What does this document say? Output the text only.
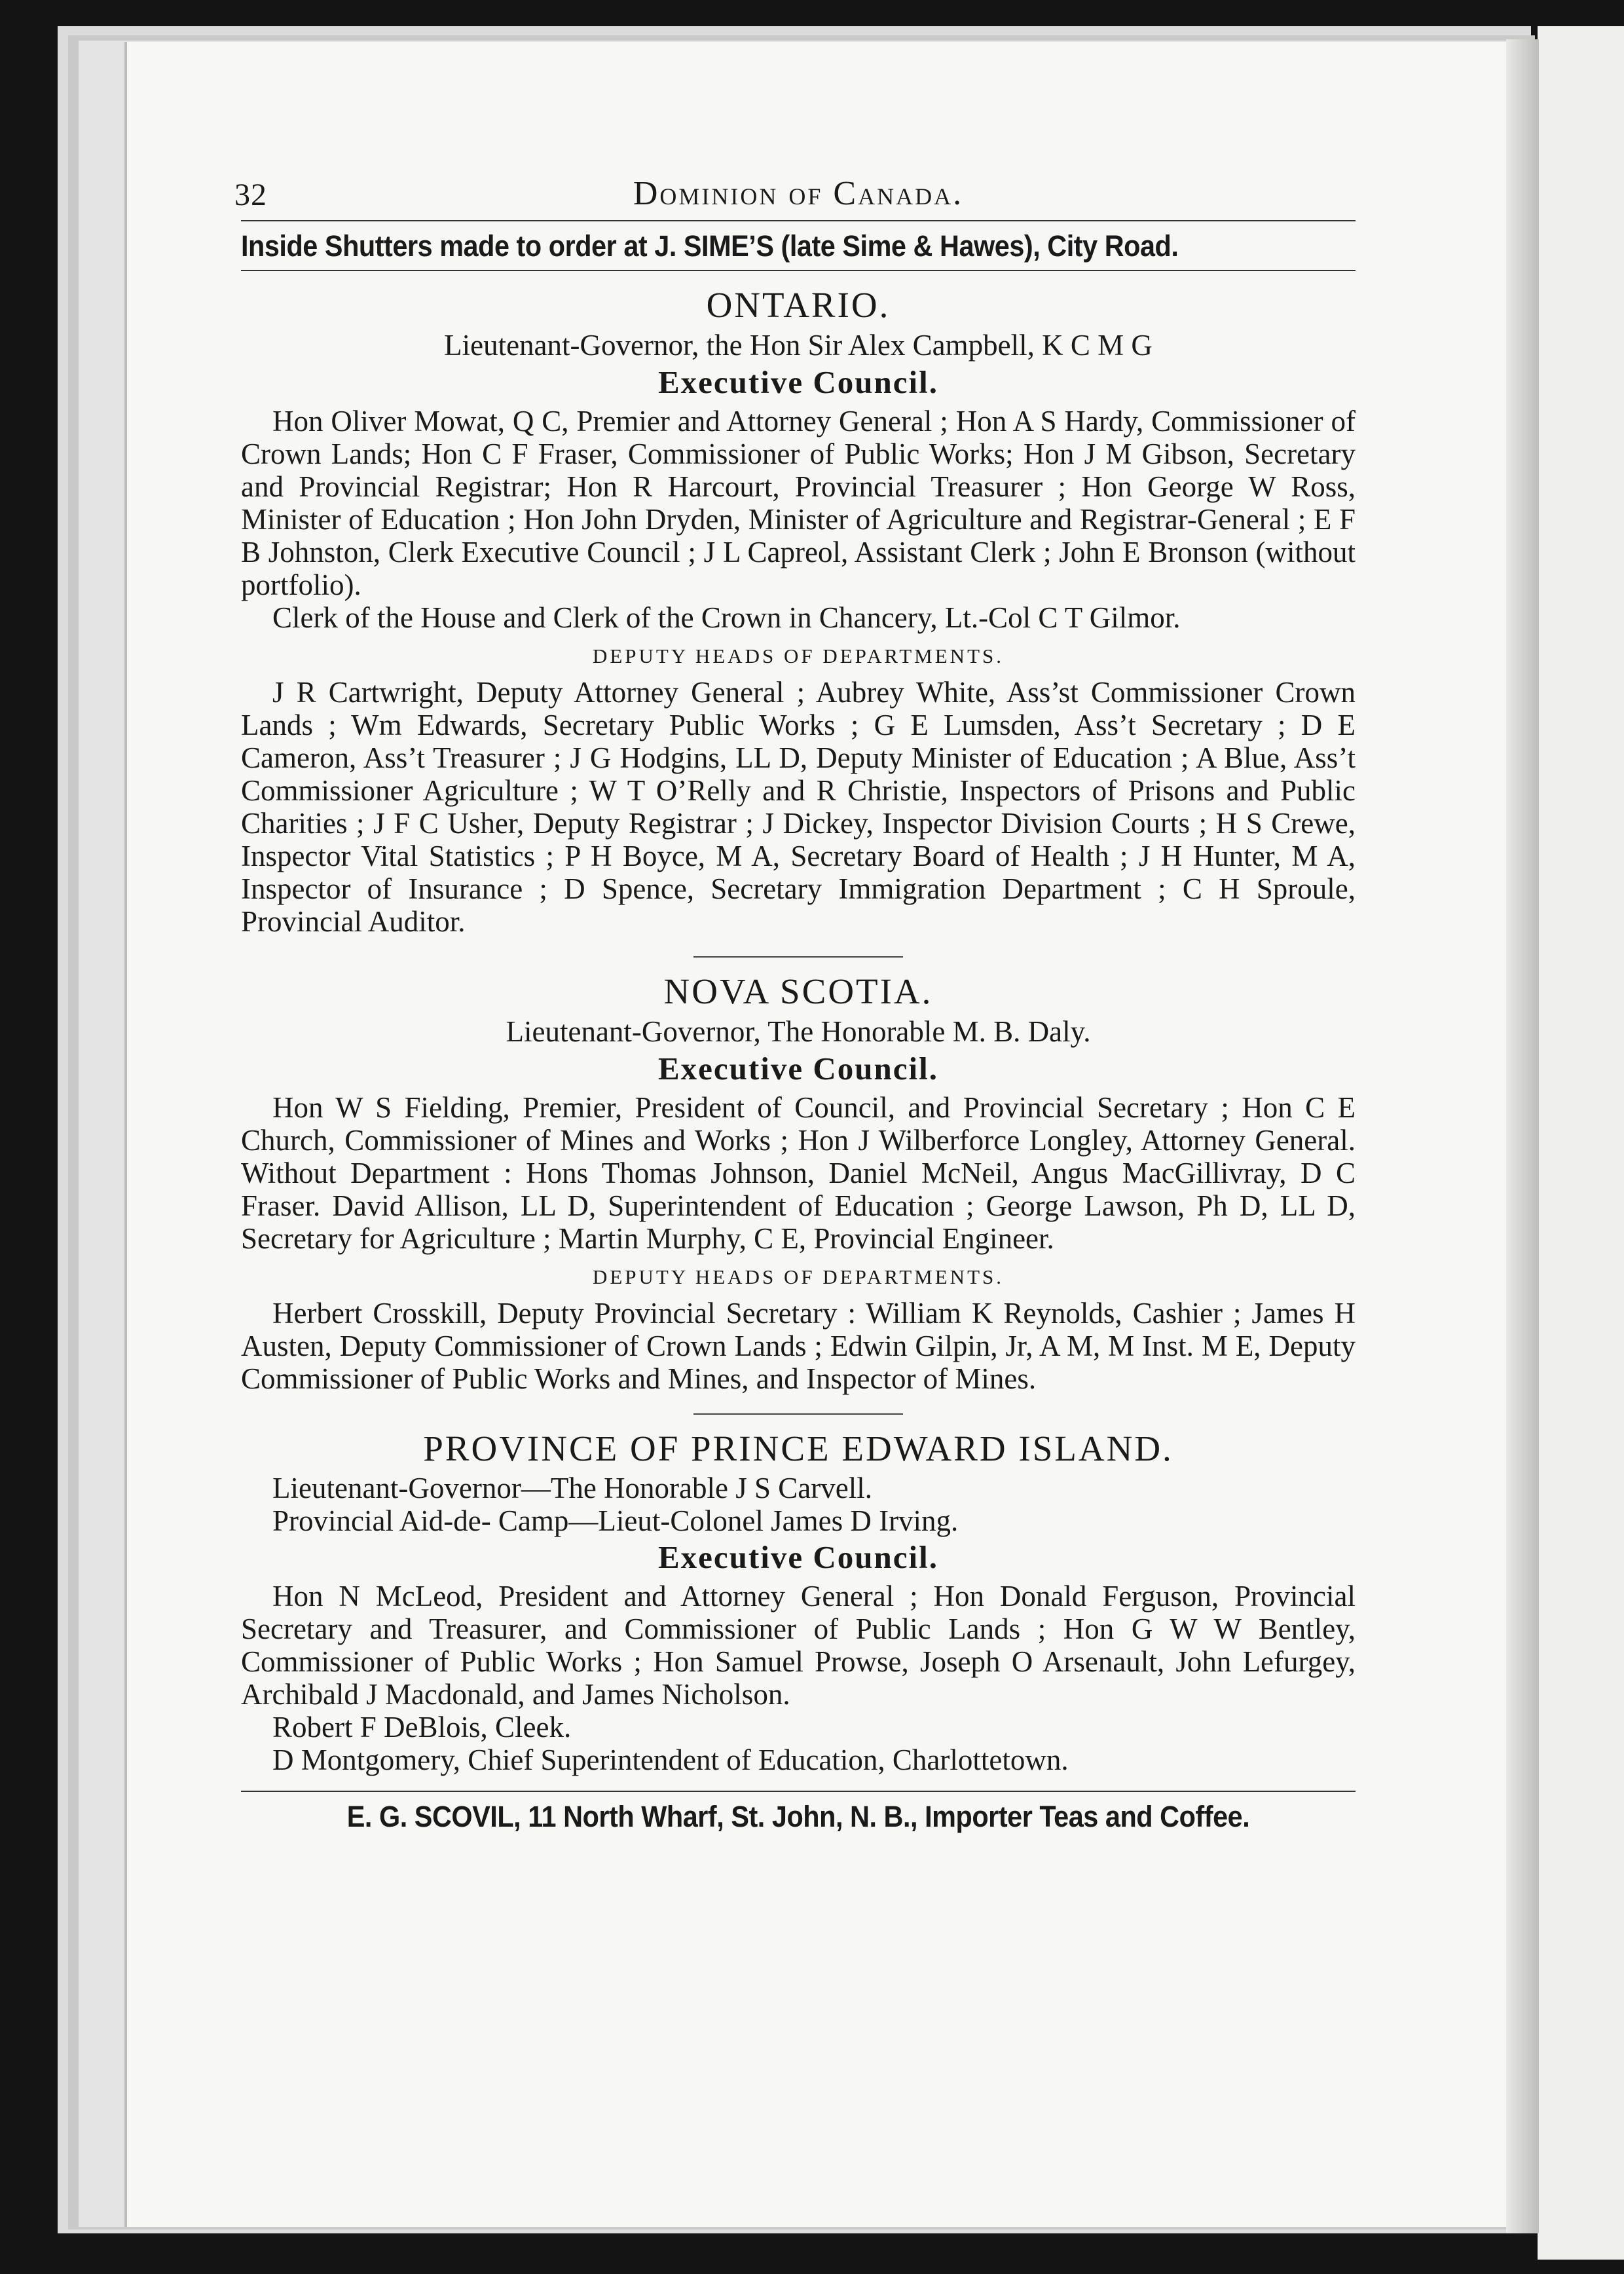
32	Dominion of Canada.
Inside Shutters made to order at J. SIME’S (late Sime & Hawes), City Road.
ONTARIO.
Lieutenant-Governor, the Hon Sir Alex Campbell, K C M G
Executive Council.

Hon Oliver Mowat, Q C, Premier and Attorney General ; Hon A S Hardy, Commissioner of Crown Lands; Hon C F Fraser, Commissioner of Public Works; Hon J M Gibson, Secretary and Provincial Registrar; Hon R Harcourt, Provincial Treasurer ; Hon George W Ross, Minister of Education ; Hon John Dryden, Minister of Agriculture and Registrar-General ; E F B Johnston, Clerk Executive Council ; J L Capreol, Assistant Clerk ; John E Bronson (without portfolio).

Clerk of the House and Clerk of the Crown in Chancery, Lt.-Col C T Gilmor.

DEPUTY HEADS OF DEPARTMENTS.

J R Cartwright, Deputy Attorney General ; Aubrey White, Ass’st Commissioner Crown Lands ; Wm Edwards, Secretary Public Works ; G E Lumsden, Ass’t Secretary ; D E Cameron, Ass’t Treasurer ; J G Hodgins, LL D, Deputy Minister of Education ; A Blue, Ass’t Commissioner Agriculture ; W T O’Relly and R Christie, Inspectors of Prisons and Public Charities ; J F C Usher, Deputy Registrar ; J Dickey, Inspector Division Courts ; H S Crewe, Inspector Vital Statistics ; P H Boyce, M A, Secretary Board of Health ; J H Hunter, M A, Inspector of Insurance ; D Spence, Secretary Immigration Department ; C H Sproule, Provincial Auditor.

NOVA SCOTIA.
Lieutenant-Governor, The Honorable M. B. Daly.
Executive Council.

Hon W S Fielding, Premier, President of Council, and Provincial Secretary ; Hon C E Church, Commissioner of Mines and Works ; Hon J Wilberforce Longley, Attorney General. Without Department : Hons Thomas Johnson, Daniel McNeil, Angus MacGillivray, D C Fraser. David Allison, LL D, Superintendent of Education ; George Lawson, Ph D, LL D, Secretary for Agriculture ; Martin Murphy, C E, Provincial Engineer.

DEPUTY HEADS OF DEPARTMENTS.

Herbert Crosskill, Deputy Provincial Secretary : William K Reynolds, Cashier ; James H Austen, Deputy Commissioner of Crown Lands ; Edwin Gilpin, Jr, A M, M Inst. M E, Deputy Commissioner of Public Works and Mines, and Inspector of Mines.

PROVINCE OF PRINCE EDWARD ISLAND.

Lieutenant-Governor—The Honorable J S Carvell.

Provincial Aid-de- Camp—Lieut-Colonel James D Irving.

Executive Council.

Hon N McLeod, President and Attorney General ; Hon Donald Ferguson, Provincial Secretary and Treasurer, and Commissioner of Public Lands ; Hon G W W Bentley, Commissioner of Public Works ; Hon Samuel Prowse, Joseph O Arsenault, John Lefurgey, Archibald J Macdonald, and James Nicholson.

Robert F DeBlois, Cleek.

D Montgomery, Chief Superintendent of Education, Charlottetown.

E. G. SCOVIL, 11 North Wharf, St. John, N. B., Importer Teas and Coffee.
